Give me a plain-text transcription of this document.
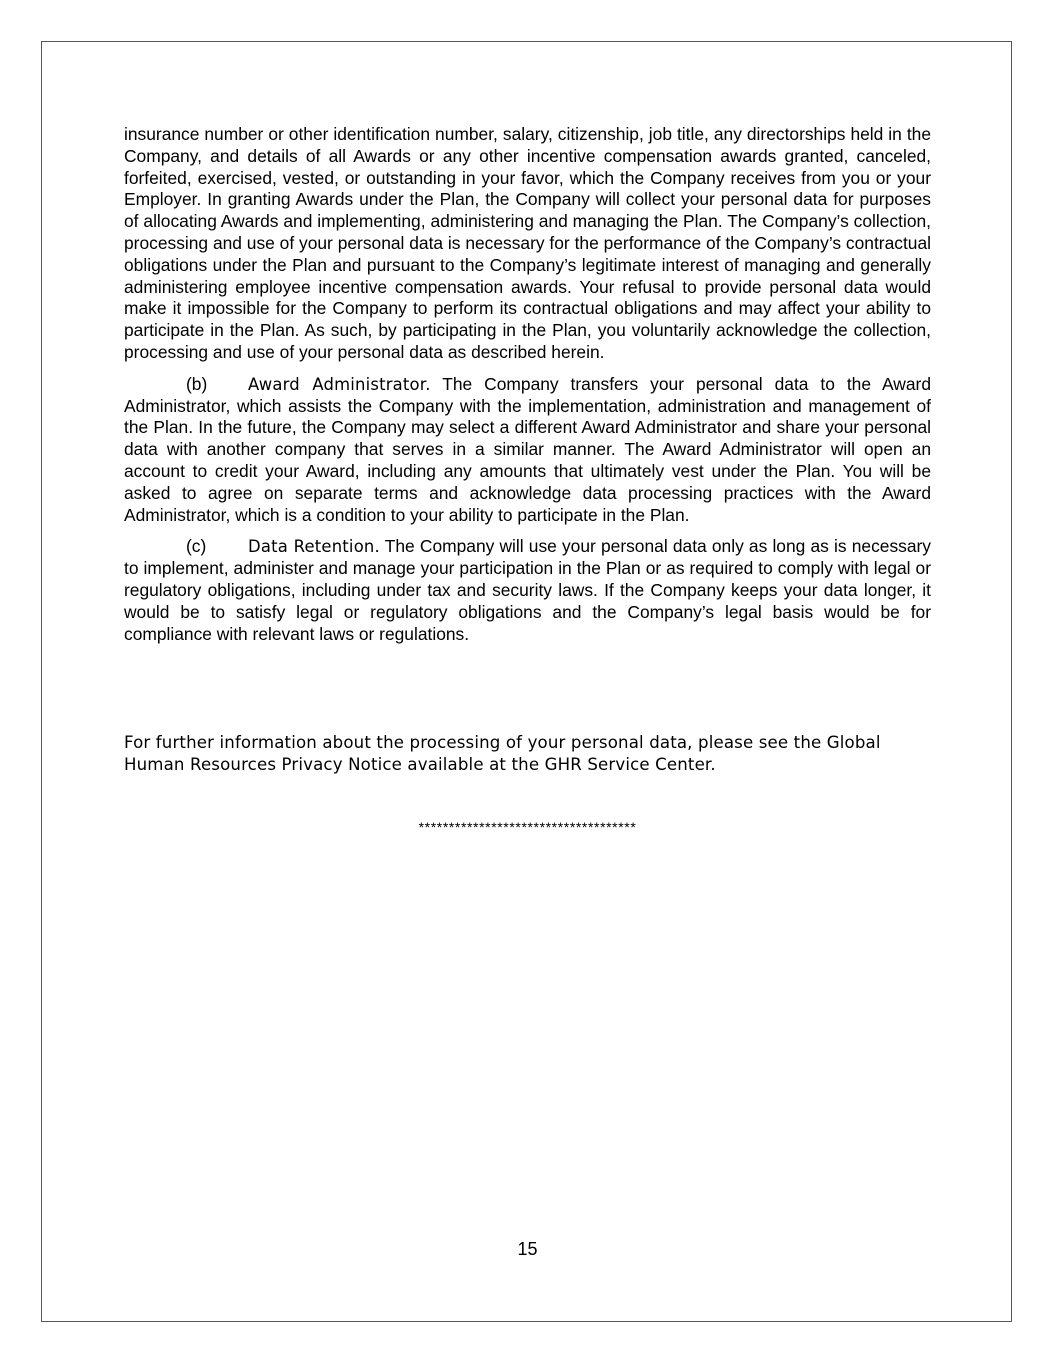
insurance number or other identification number, salary, citizenship, job title, any directorships held in the Company, and details of all Awards or any other incentive compensation awards granted, canceled, forfeited, exercised, vested, or outstanding in your favor, which the Company receives from you or your Employer. In granting Awards under the Plan, the Company will collect your personal data for purposes of allocating Awards and implementing, administering and managing the Plan. The Company’s collection, processing and use of your personal data is necessary for the performance of the Company’s contractual obligations under the Plan and pursuant to the Company’s legitimate interest of managing and generally administering employee incentive compensation awards. Your refusal to provide personal data would make it impossible for the Company to perform its contractual obligations and may affect your ability to participate in the Plan. As such, by participating in the Plan, you voluntarily acknowledge the collection, processing and use of your personal data as described herein.

(b) Award Administrator. The Company transfers your personal data to the Award Administrator, which assists the Company with the implementation, administration and management of the Plan. In the future, the Company may select a different Award Administrator and share your personal data with another company that serves in a similar manner. The Award Administrator will open an account to credit your Award, including any amounts that ultimately vest under the Plan. You will be asked to agree on separate terms and acknowledge data processing practices with the Award Administrator, which is a condition to your ability to participate in the Plan.

(c)	Data Retention. The Company will use your personal data only as long as is necessary to implement, administer and manage your participation in the Plan or as required to comply with legal or regulatory obligations, including under tax and security laws. If the Company keeps your data longer, it would be to satisfy legal or regulatory obligations and the Company’s legal basis would be for compliance with relevant laws or regulations.

For further information about the processing of your personal data, please see the Global Human Resources Privacy Notice available at the GHR Service Center.

************************************
15
